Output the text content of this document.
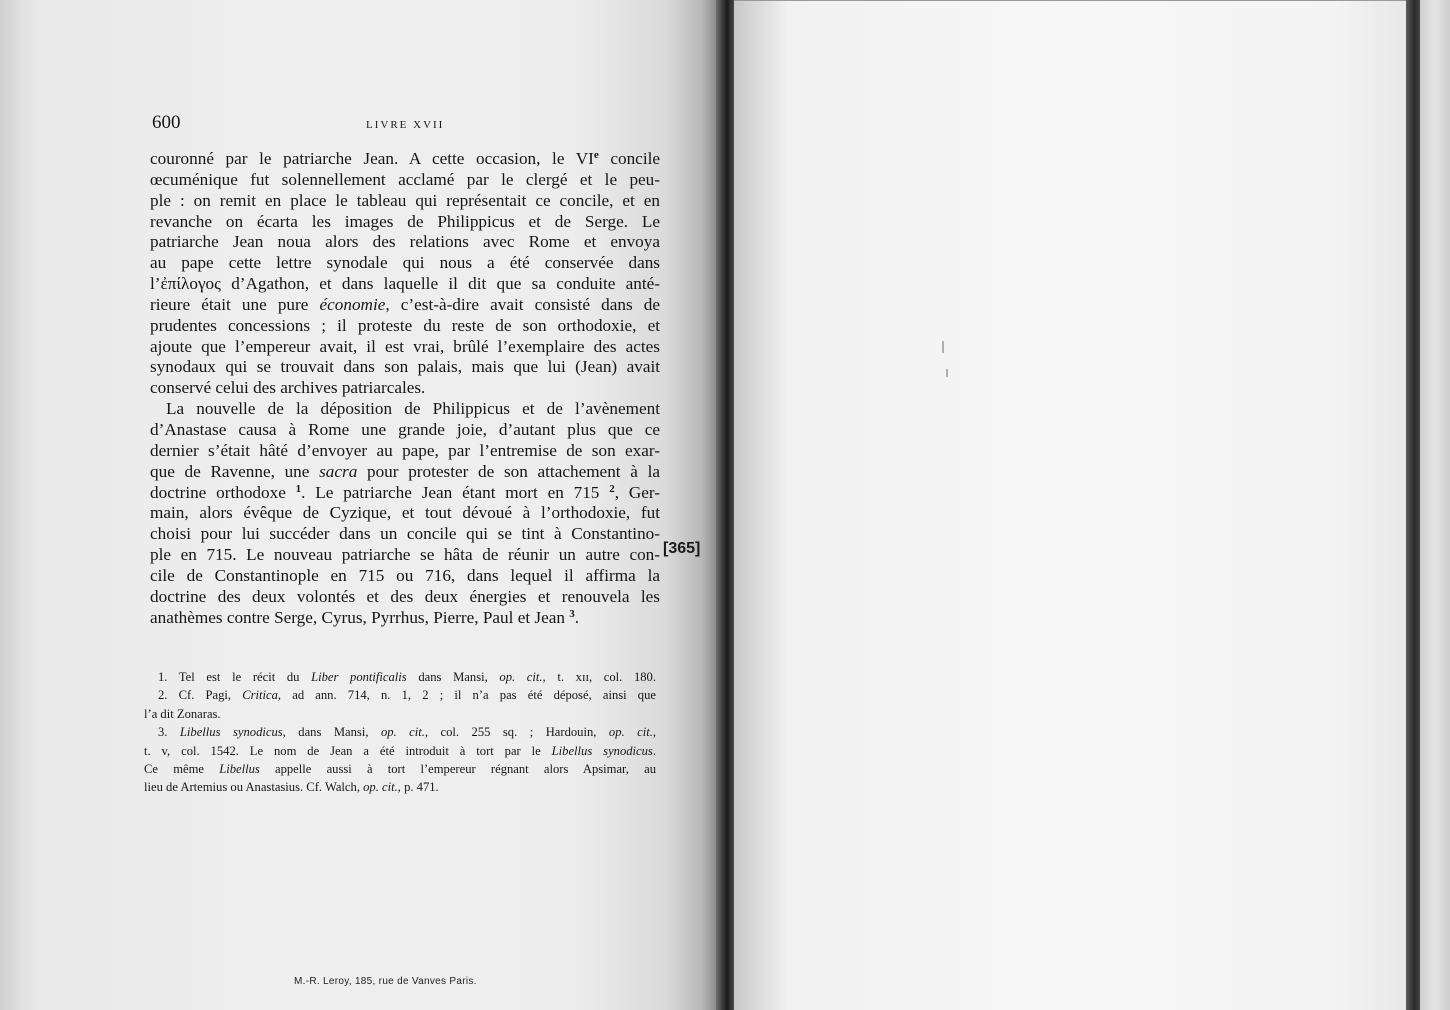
600	LIVRE XVII
couronné par le patriarche Jean. A cette occasion, le VIe concile
œcuménique fut solennellement acclamé par le clergé et le peu-
ple : on remit en place le tableau qui représentait ce concile, et en
revanche on écarta les images de Philippicus et de Serge. Le
patriarche Jean noua alors des relations avec Rome et envoya
au pape cette lettre synodale qui nous a été conservée dans
l’ἐπίλογος d’Agathon, et dans laquelle il dit que sa conduite anté-
rieure était une pure économie, c’est-à-dire avait consisté dans de
prudentes concessions ; il proteste du reste de son orthodoxie, et
ajoute que l’empereur avait, il est vrai, brûlé l’exemplaire des actes
synodaux qui se trouvait dans son palais, mais que lui (Jean) avait
conservé celui des archives patriarcales.
La nouvelle de la déposition de Philippicus et de l’avènement
d’Anastase causa à Rome une grande joie, d’autant plus que ce
dernier s’était hâté d’envoyer au pape, par l’entremise de son exar-
que de Ravenne, une sacra pour protester de son attachement à la
doctrine orthodoxe $^1$. Le patriarche Jean étant mort en 715 $^2$, Ger-
main, alors évêque de Cyzique, et tout dévoué à l’orthodoxie, fut
choisi pour lui succéder dans un concile qui se tint à Constantino-
ple en 715. Le nouveau patriarche se hâta de réunir un autre con-
cile de Constantinople en 715 ou 716, dans lequel il affirma la
doctrine des deux volontés et des deux énergies et renouvela les
anathèmes contre Serge, Cyrus, Pyrrhus, Pierre, Paul et Jean $^3$.
[365]
1. Tel est le récit du Liber pontificalis dans Mansi, op. cit., t. xɪɪ, col. 180.
2. Cf. Pagi, Critica, ad ann. 714, n. 1, 2 ; il n’a pas été déposé, ainsi que
l’a dit Zonaras.
3. Libellus synodicus, dans Mansi, op. cit., col. 255 sq. ; Hardouin, op. cit.,
t. v, col. 1542. Le nom de Jean a été introduit à tort par le Libellus synodicus.
Ce même Libellus appelle aussi à tort l’empereur régnant alors Apsimar, au
lieu de Artemius ou Anastasius. Cf. Walch, op. cit., p. 471.
M.-R. Leroy, 185, rue de Vanves Paris.
